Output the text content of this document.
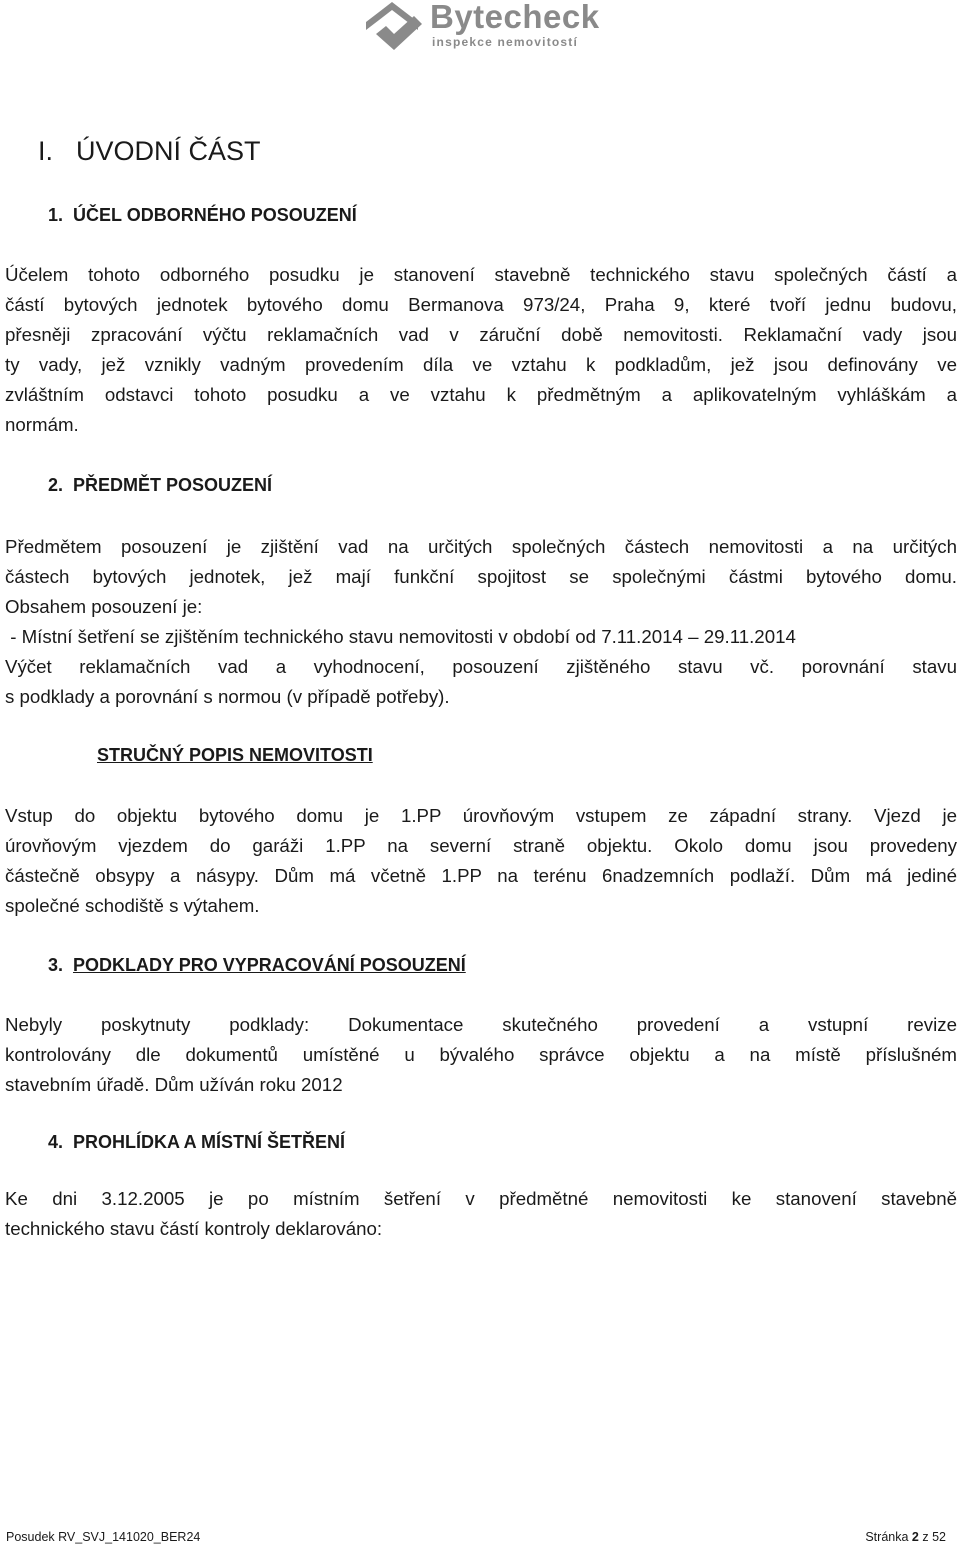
Bytecheck
inspekce nemovitostí
I. ÚVODNÍ ČÁST
1. ÚČEL ODBORNÉHO POSOUZENÍ
Účelem tohoto odborného posudku je stanovení stavebně technického stavu společných částí a
částí bytových jednotek bytového domu Bermanova 973/24, Praha 9, které tvoří jednu budovu,
přesněji zpracování výčtu reklamačních vad v záruční době nemovitosti. Reklamační vady jsou
ty vady, jež vznikly vadným provedením díla ve vztahu k podkladům, jež jsou definovány ve
zvláštním odstavci tohoto posudku a ve vztahu k předmětným a aplikovatelným vyhláškám a
normám.
2. PŘEDMĚT POSOUZENÍ
Předmětem posouzení je zjištění vad na určitých společných částech nemovitosti a na určitých
částech bytových jednotek, jež mají funkční spojitost se společnými částmi bytového domu.
Obsahem posouzení je:
- Místní šetření se zjištěním technického stavu nemovitosti v období od 7.11.2014 – 29.11.2014
Výčet reklamačních vad a vyhodnocení, posouzení zjištěného stavu vč. porovnání stavu
s podklady a porovnání s normou (v případě potřeby).
STRUČNÝ POPIS NEMOVITOSTI
Vstup do objektu bytového domu je 1.PP úrovňovým vstupem ze západní strany. Vjezd je
úrovňovým vjezdem do garáži 1.PP na severní straně objektu. Okolo domu jsou provedeny
částečně obsypy a násypy. Dům má včetně 1.PP na terénu 6nadzemních podlaží. Dům má jediné
společné schodiště s výtahem.
3. PODKLADY PRO VYPRACOVÁNÍ POSOUZENÍ
Nebyly poskytnuty podklady: Dokumentace skutečného provedení a vstupní revize
kontrolovány dle dokumentů umístěné u bývalého správce objektu a na místě příslušném
stavebním úřadě. Dům užíván roku 2012
4. PROHLÍDKA A MÍSTNÍ ŠETŘENÍ
Ke dni 3.12.2005 je po místním šetření v předmětné nemovitosti ke stanovení stavebně
technického stavu částí kontroly deklarováno:
Posudek RV_SVJ_141020_BER24	Stránka 2 z 52
